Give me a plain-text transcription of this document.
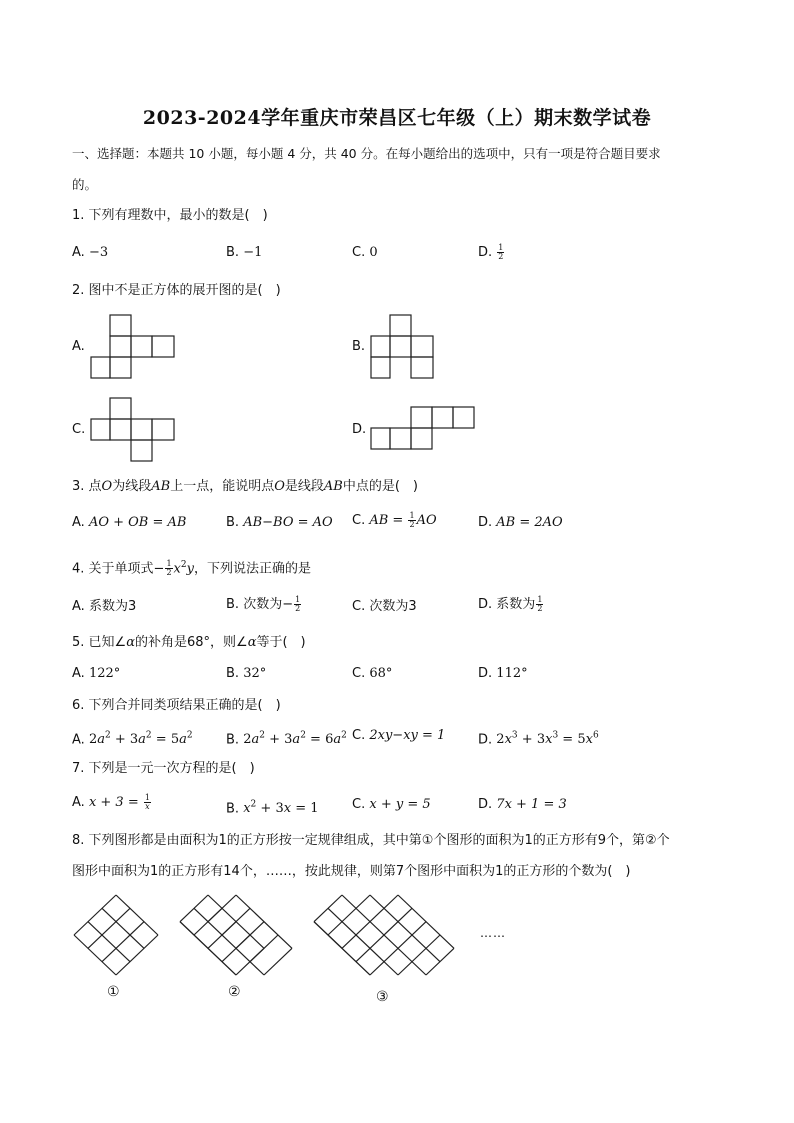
2023-2024学年重庆市荣昌区七年级（上）期末数学试卷
一、选择题：本题共 10 小题，每小题 4 分，共 40 分。在每小题给出的选项中，只有一项是符合题目要求
的。
1. 下列有理数中，最小的数是(　)
A. −3	B. −1	C. 0	D. $\frac{1}{2}$
2. 图中不是正方体的展开图的是(　)
A.	B.
C.	D.
3. 点O为线段AB上一点，能说明点O是线段AB中点的是(　)
A. AO + OB = AB	B. AB−BO = AO C. AB = $\frac{1}{2}$ AO	D. AB = 2AO
4. 关于单项式− $\frac{1}{2} x^2y$，下列说法正确的是
A. 系数为3	B. 次数为− $\frac{1}{2}$	C. 次数为3	D. 系数为 $\frac{1}{2}$
5. 已知∠α的补角是68°，则∠α等于(　)
A. 122°	B. 32°	C. 68°	D. 112°
6. 下列合并同类项结果正确的是(　)
A. $2a^2 + 3a^2 = 5a^2$	B. $2a^2 + 3a^2 = 6a^2$ C. 2xy−xy = 1	D. $2x^3 + 3x^3 = 5x^6$
7. 下列是一元一次方程的是(　)
A. $x + 3 = \frac{1}{x}$	B. $x^2 + 3x = 1$	C. x + y = 5	D. 7x + 1 = 3
8. 下列图形都是由面积为1的正方形按一定规律组成，其中第①个图形的面积为1的正方形有9个，第②个
图形中面积为1的正方形有14个，……，按此规律，则第7个图形中面积为1的正方形的个数为(　)
①	②	③
……
